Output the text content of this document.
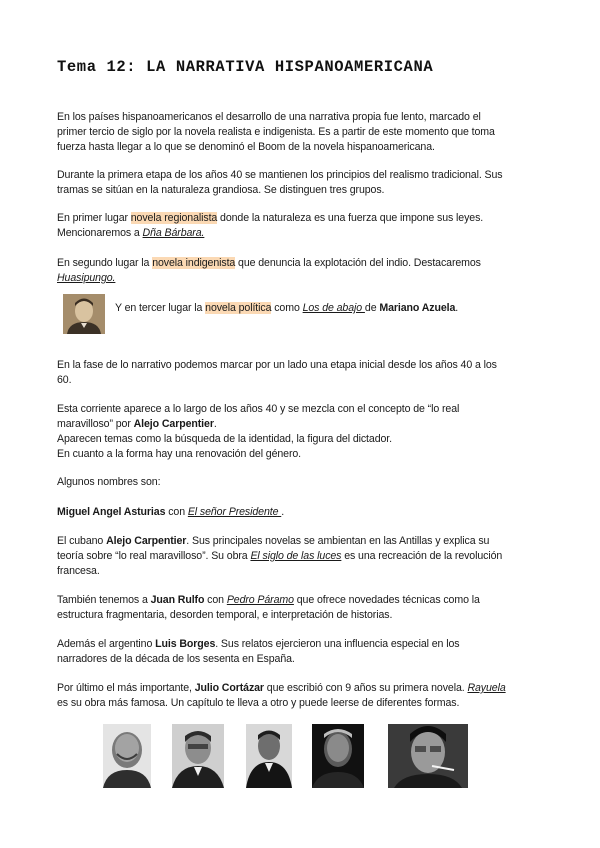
Tema 12: LA NARRATIVA HISPANOAMERICANA

En los países hispanoamericanos el desarrollo de una narrativa propia fue lento, marcado el
primer tercio de siglo por la novela realista e indigenista. Es a partir de este momento que toma
fuerza hasta llegar a lo que se denominó el Boom de la novela hispanoamericana.

Durante la primera etapa de los años 40 se mantienen los principios del realismo tradicional. Sus
tramas se sitúan en la naturaleza grandiosa. Se distinguen tres grupos.

En primer lugar novela regionalista donde la naturaleza es una fuerza que impone sus leyes.
Mencionaremos a Dña Bárbara.

En segundo lugar la novela indigenista que denuncia la explotación del indio. Destacaremos
Huasipungo.

Y en tercer lugar la novela política como Los de abajo de Mariano Azuela.

En la fase de lo narrativo podemos marcar por un lado una etapa inicial desde los años 40 a los
60.

Esta corriente aparece a lo largo de los años 40 y se mezcla con el concepto de “lo real
maravilloso” por Alejo Carpentier.
Aparecen temas como la búsqueda de la identidad, la figura del dictador.
En cuanto a la forma hay una renovación del género.

Algunos nombres son:

Miguel Angel Asturias con El señor Presidente .

El cubano Alejo Carpentier. Sus principales novelas se ambientan en las Antillas y explica su
teoría sobre “lo real maravilloso”. Su obra El siglo de las luces es una recreación de la revolución
francesa.

También tenemos a Juan Rulfo con Pedro Páramo que ofrece novedades técnicas como la
estructura fragmentaria, desorden temporal, e interpretación de historias.

Además el argentino Luis Borges. Sus relatos ejercieron una influencia especial en los
narradores de la década de los sesenta en España.

Por último el más importante, Julio Cortázar que escribió con 9 años su primera novela. Rayuela
es su obra más famosa. Un capítulo te lleva a otro y puede leerse de diferentes formas.
